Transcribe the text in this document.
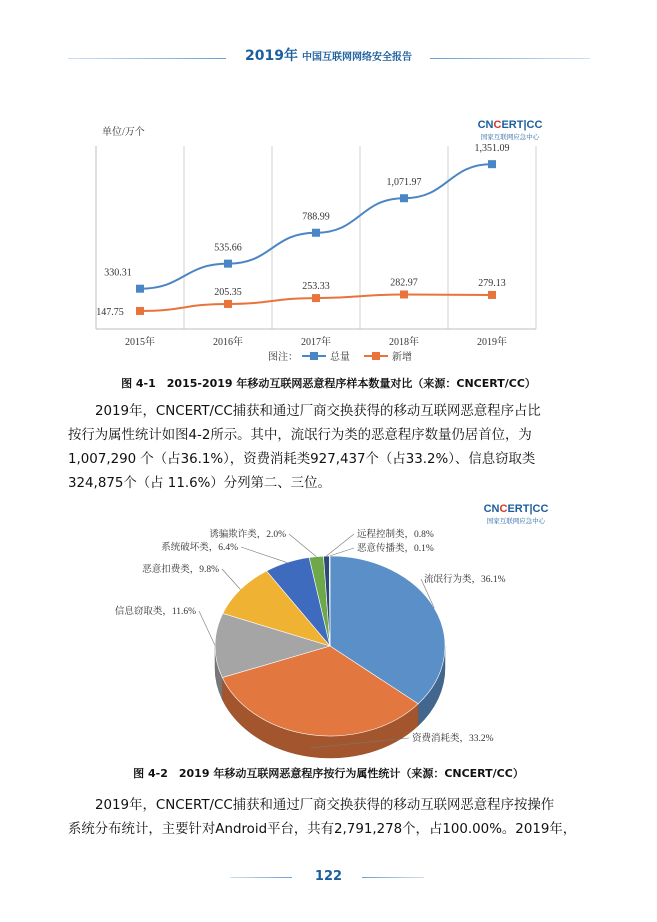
2019年 中国互联网网络安全报告
CNCERT|CC
国家互联网应急中心
单位/万个
2015年	2016年	2017年	2018年	2019年
330.31
535.66
788.99
1,071.97
1,351.09
147.75
205.35
253.33	282.97	279.13
图注：	总量	新增
图 4-1　2015-2019 年移动互联网恶意程序样本数量对比（来源：CNCERT/CC）
2019年，CNCERT/CC捕获和通过厂商交换获得的移动互联网恶意程序占比
按行为属性统计如图4-2所示。其中，流氓行为类的恶意程序数量仍居首位，为
1,007,290 个（占36.1%），资费消耗类927,437个（占33.2%）、信息窃取类
324,875个（占 11.6%）分列第二、三位。
CNCERT|CC
国家互联网应急中心
流氓行为类，36.1%
资费消耗类，33.2%
信息窃取类，11.6%
恶意扣费类，9.8%
系统破坏类，6.4%
诱骗欺诈类，2.0%	远程控制类，0.8%
恶意传播类，0.1%
图 4-2　2019 年移动互联网恶意程序按行为属性统计（来源：CNCERT/CC）
2019年，CNCERT/CC捕获和通过厂商交换获得的移动互联网恶意程序按操作
系统分布统计，主要针对Android平台，共有2,791,278个，占100.00%。2019年，
122
